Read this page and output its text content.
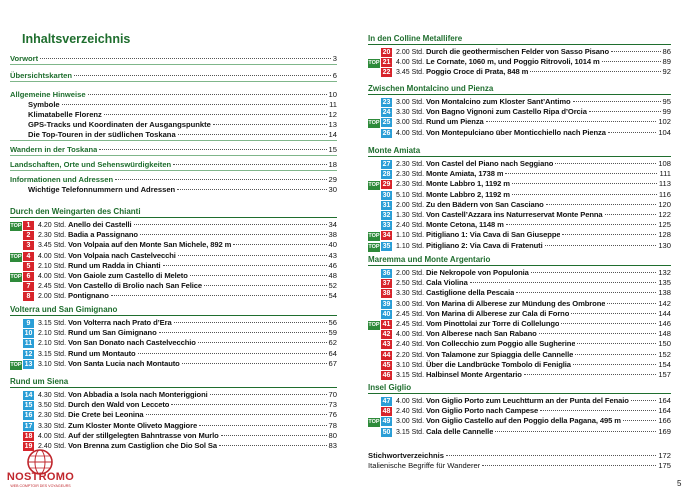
Inhaltsverzeichnis
Vorwort	3
Übersichtskarten	6
Allgemeine Hinweise	10
Symbole	11
Klimatabelle Florenz	12
GPS-Tracks und Koordinaten der Ausgangspunkte	13
Die Top-Touren in der südlichen Toskana	14
Wandern in der Toskana	15
Landschaften, Orte und Sehenswürdigkeiten	18
Informationen und Adressen	29
Wichtige Telefonnummern und Adressen	30
Durch den Weingarten des Chianti
TOP 1	4.20 Std. Anello dei Castelli	34
2	2.30 Std. Badia a Passignano	38
3	3.45 Std. Von Volpaia auf den Monte San Michele, 892 m	40
TOP 4	4.00 Std. Von Volpaia nach Castelvecchi	43
5	2.10 Std. Rund um Radda in Chianti	46
TOP 6	4.00 Std. Von Gaiole zum Castello di Meleto	48
7	2.45 Std. Von Castello di Brolio nach San Felice	52
8	2.00 Std. Pontignano	54
Volterra und San Gimignano
9	3.15 Std. Von Volterra nach Prato d’Era	56
10 2.10 Std. Rund um San Gimignano	59
11 2.10 Std. Von San Donato nach Castelvecchio	62
12 3.15 Std. Rund um Montauto	64
TOP 13 3.10 Std. Von Santa Lucia nach Montauto	67
Rund um Siena
14 4.30 Std. Von Abbadia a Isola nach Monteriggioni	70
15 3.50 Std. Durch den Wald von Lecceto	73
16 2.30 Std. Die Crete bei Leonina	76
17 3.30 Std. Zum Kloster Monte Oliveto Maggiore	78
18 4.00 Std. Auf der stillgelegten Bahntrasse von Murlo	80
19 2.40 Std. Von Brenna zum Castiglion che Dio Sol Sa	83
In den Colline Metallifere
20 2.00 Std. Durch die geothermischen Felder von Sasso Pisano	86
TOP 21 4.00 Std. Le Cornate, 1060 m, und Poggio Ritrovoli, 1014 m	89
22 3.45 Std. Poggio Croce di Prata, 848 m	92
Zwischen Montalcino und Pienza
23 3.00 Std. Von Montalcino zum Kloster Sant’Antimo	95
24 3.30 Std. Von Bagno Vignoni zum Castello Ripa d’Orcia	99
TOP 25 3.00 Std. Rund um Pienza	102
26 4.00 Std. Von Montepulciano über Monticchiello nach Pienza	104
Monte Amiata
27 2.30 Std. Von Castel del Piano nach Seggiano	108
28 2.30 Std. Monte Amiata, 1738 m	111
TOP 29 2.30 Std. Monte Labbro 1, 1192 m	113
30 5.10 Std. Monte Labbro 2, 1192 m	116
31 2.00 Std. Zu den Bädern von San Casciano	120
32 1.30 Std. Von Castell’Azzara ins Naturreservat Monte Penna	122
33 2.40 Std. Monte Cetona, 1148 m	125
TOP 34 1.10 Std. Pitigliano 1: Via Cava di San Giuseppe	128
TOP 35 1.10 Std. Pitigliano 2: Via Cava di Fratenuti	130
Maremma und Monte Argentario
36 2.00 Std. Die Nekropole von Populonia	132
37 2.50 Std. Cala Violina	135
38 3.30 Std. Castiglione della Pescaia	138
39 3.00 Std. Von Marina di Alberese zur Mündung des Ombrone	142
40 2.45 Std. Von Marina di Alberese zur Cala di Forno	144
TOP 41 2.45 Std. Vom Pinottolai zur Torre di Collelungo	146
42 4.00 Std. Von Alberese nach San Rabano	148
43 2.40 Std. Von Collecchio zum Poggio alle Sugherine	150
44 2.20 Std. Von Talamone zur Spiaggia delle Cannelle	152
45 3.10 Std. Über die Landbrücke Tombolo di Feniglia	154
46 3.15 Std. Halbinsel Monte Argentario	157
Insel Giglio
47 4.00 Std. Von Giglio Porto zum Leuchtturm an der Punta del Fenaio	164
48 2.40 Std. Von Giglio Porto nach Campese	164
TOP 49 3.00 Std. Von Giglio Castello auf den Poggio della Pagana, 495 m	166
50 3.15 Std. Cala delle Cannelle	169
Stichwortverzeichnis	172
Italienische Begriffe für Wanderer	175
5
NOSTROMO
WEB COMPTOIR DES VOYAGEURS
